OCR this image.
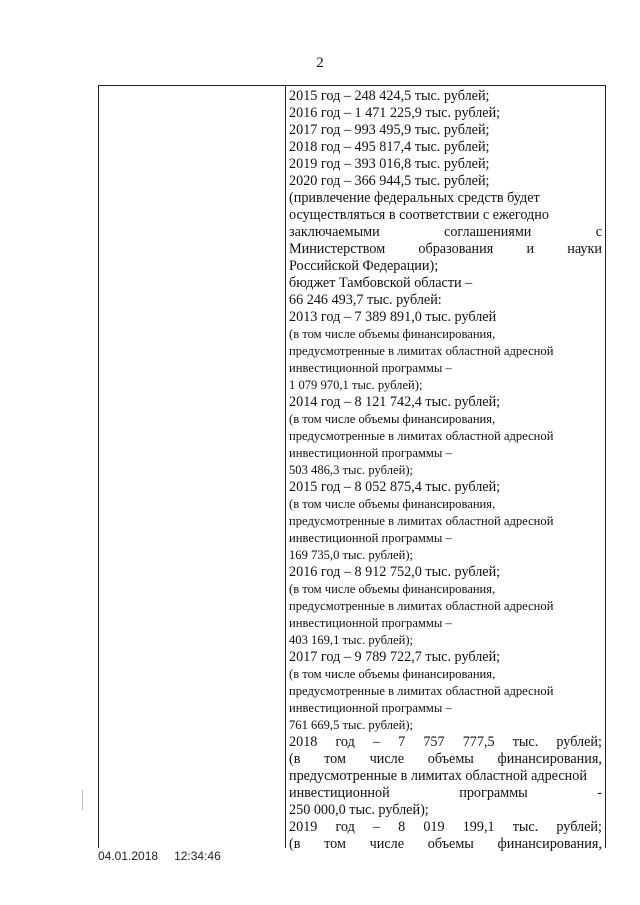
2
2015 год – 248 424,5 тыс. рублей;
2016 год – 1 471 225,9 тыс. рублей;
2017 год – 993 495,9 тыс. рублей;
2018 год – 495 817,4 тыс. рублей;
2019 год – 393 016,8 тыс. рублей;
2020 год – 366 944,5 тыс. рублей;
(привлечение федеральных средств будет
осуществляться в соответствии с ежегодно
заключаемыми	соглашениями	с
Министерством образования и науки
Российской Федерации);
бюджет Тамбовской области –
66 246 493,7 тыс. рублей:
2013 год – 7 389 891,0 тыс. рублей
(в том числе объемы финансирования,
предусмотренные в лимитах областной адресной
инвестиционной программы –
1 079 970,1 тыс. рублей);
2014 год – 8 121 742,4 тыс. рублей;
(в том числе объемы финансирования,
предусмотренные в лимитах областной адресной
инвестиционной программы –
503 486,3 тыс. рублей);
2015 год – 8 052 875,4 тыс. рублей;
(в том числе объемы финансирования,
предусмотренные в лимитах областной адресной
инвестиционной программы –
169 735,0 тыс. рублей);
2016 год – 8 912 752,0 тыс. рублей;
(в том числе объемы финансирования,
предусмотренные в лимитах областной адресной
инвестиционной программы –
403 169,1 тыс. рублей);
2017 год – 9 789 722,7 тыс. рублей;
(в том числе объемы финансирования,
предусмотренные в лимитах областной адресной
инвестиционной программы –
761 669,5 тыс. рублей);
2018 год – 7 757 777,5 тыс. рублей;
(в том числе объемы финансирования,
предусмотренные в лимитах областной адресной
инвестиционной	программы	-
250 000,0 тыс. рублей);
2019 год – 8 019 199,1 тыс. рублей;
(в том числе объемы финансирования,
04.01.2018 12:34:46
